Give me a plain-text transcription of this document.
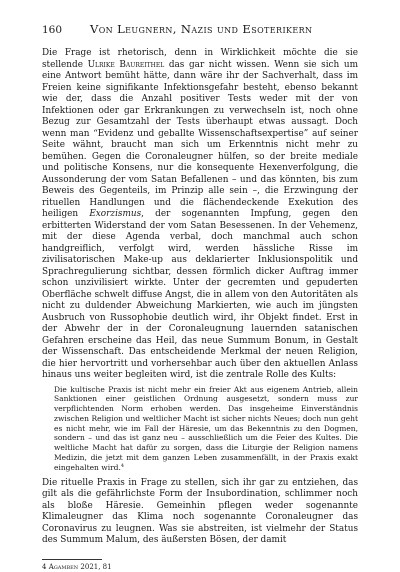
160	Von Leugnern, Nazis und Esoterikern

Die Frage ist rhetorisch, denn in Wirklichkeit möchte die sie stellende Ulrike Baureithel das gar nicht wissen. Wenn sie sich um eine Antwort bemüht hätte, dann wäre ihr der Sachverhalt, dass im Freien keine signifikante Infektionsgefahr besteht, ebenso bekannt wie der, dass die Anzahl positiver Tests weder mit der von Infektionen oder gar Erkrankungen zu verwechseln ist, noch ohne Bezug zur Gesamtzahl der Tests überhaupt etwas aussagt. Doch wenn man “Evidenz und geballte Wissenschaftsexpertise” auf seiner Seite wähnt, braucht man sich um Erkenntnis nicht mehr zu bemühen. Gegen die Coronaleugner hülfen, so der breite mediale und politische Konsens, nur die konsequente Hexenverfolgung, die Aussonderung der vom Satan Befallenen – und das könnten, bis zum Beweis des Gegenteils, im Prinzip alle sein –, die Erzwingung der rituellen Handlungen und die flächendeckende Exekution des heiligen Exorzismus, der sogenannten Impfung, gegen den erbitterten Widerstand der vom Satan Besessenen. In der Vehemenz, mit der diese Agenda verbal, doch manchmal auch schon handgreiflich, verfolgt wird, werden hässliche Risse im zivilisatorischen Make-up aus deklarierter Inklusionspolitik und Sprachregulierung sichtbar, dessen förmlich dicker Auftrag immer schon unzivilisiert wirkte. Unter der gecremten und gepuderten Oberfläche schwelt diffuse Angst, die in allem von den Autoritäten als nicht zu duldender Abweichung Markierten, wie auch im jüngsten Ausbruch von Russophobie deutlich wird, ihr Objekt findet. Erst in der Abwehr der in der Coronaleugnung lauernden satanischen Gefahren erscheine das Heil, das neue Summum Bonum, in Gestalt der Wissenschaft. Das entscheidende Merkmal der neuen Religion, die hier hervortritt und vorhersehbar auch über den aktuellen Anlass hinaus uns weiter begleiten wird, ist die zentrale Rolle des Kults:

Die kultische Praxis ist nicht mehr ein freier Akt aus eigenem Antrieb, allein Sanktionen einer geistlichen Ordnung ausgesetzt, sondern muss zur verpflichtenden Norm erhoben werden. Das insgeheime Einverständnis zwischen Religion und weltlicher Macht ist sicher nichts Neues; doch nun geht es nicht mehr, wie im Fall der Häresie, um das Bekenntnis zu den Dogmen, sondern – und das ist ganz neu – ausschließlich um die Feier des Kultes. Die weltliche Macht hat dafür zu sorgen, dass die Liturgie der Religion namens Medizin, die jetzt mit dem ganzen Leben zusammenfällt, in der Praxis exakt eingehalten wird.$^4$

Die rituelle Praxis in Frage zu stellen, sich ihr gar zu entziehen, das gilt als die gefährlichste Form der Insubordination, schlimmer noch als bloße Häresie. Gemeinhin pflegen weder sogenannte Klimaleugner das Klima noch sogenannte Coronaleugner das Coronavirus zu leugnen. Was sie abstreiten, ist vielmehr der Status des Summum Malum, des äußersten Bösen, der damit

4 Agamben 2021, 81
